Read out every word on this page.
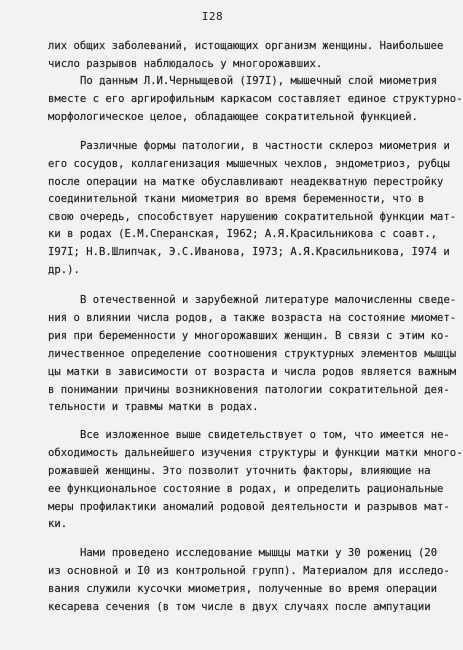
I28
лих общих заболеваний, истощающих организм женщины. Наибольшее
число разрывов наблюдалось у многорожавших.
По данным Л.И.Черныщевой (I97I), мышечный слой миометрия
вместе с его аргирофильным каркасом составляет единое структурно-
морфологическое целое, обладающее сократительной функцией.
Различные формы патологии, в частности склероз миометрия и
его сосудов, коллагенизация мышечных чехлов, эндометриоз, рубцы
после операции на матке обуславливают неадекватную перестройку
соединительной ткани миометрия во время беременности, что в
свою очередь, способствует нарушению сократительной функции мат-
ки в родах (Е.М.Сперанская, I962; А.Я.Красильникова с соавт.,
I97I; Н.В.Шлипчак, Э.С.Иванова, I973; А.Я.Красильникова, I974 и
др.).
В отечественной и зарубежной литературе малочисленны сведе-
ния о влиянии числа родов, а также возраста на состояние миомет-
рия при беременности у многорожавших женщин. В связи с этим ко-
личественное определение соотношения структурных элементов мышцы
цы матки в зависимости от возраста и числа родов является важным
в понимании причины возникновения патологии сократительной дея-
тельности и травмы матки в родах.
Все изложенное выше свидетельствует о том, что имеется не-
обходимость дальнейшего изучения структуры и функции матки много-
рожавшей женщины. Это позволит уточнить факторы, влияющие на
ее функциональное состояние в родах, и определить рациональные
меры профилактики аномалий родовой деятельности и разрывов мат-
ки.
Нами проведено исследование мышцы матки у 30 рожениц (20
из основной и I0 из контрольной групп). Материалом для исследо-
вания служили кусочки миометрия, полученные во время операции
кесарева сечения (в том числе в двух случаях после ампутации
